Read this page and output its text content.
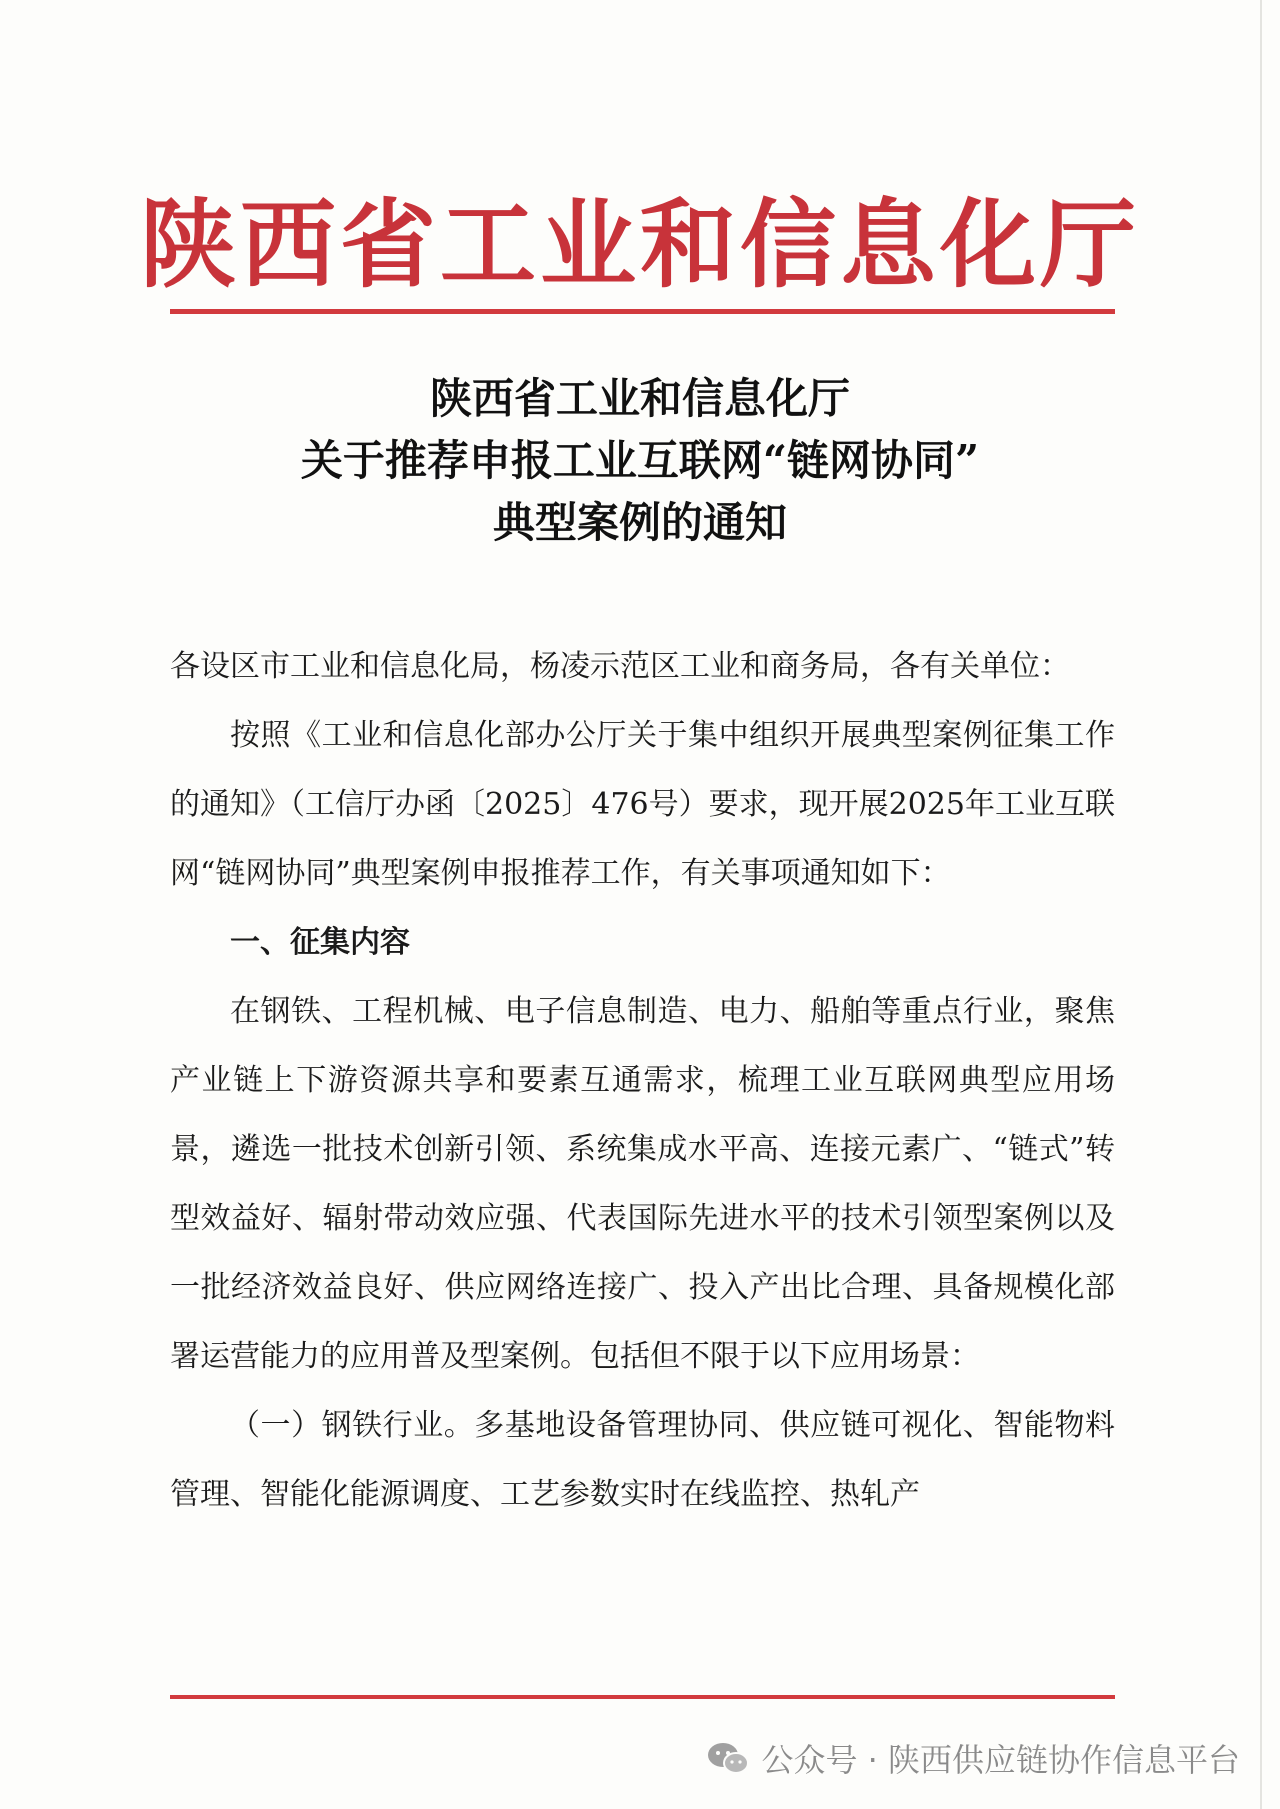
陕西省工业和信息化厅
陕西省工业和信息化厅
关于推荐申报工业互联网“链网协同”
典型案例的通知

各设区市工业和信息化局，杨凌示范区工业和商务局，各有关单位：

按照《工业和信息化部办公厅关于集中组织开展典型案例征集工作的通知》（工信厅办函〔2025〕476号）要求，现开展2025年工业互联网“链网协同”典型案例申报推荐工作，有关事项通知如下：

一、征集内容

在钢铁、工程机械、电子信息制造、电力、船舶等重点行业，聚焦产业链上下游资源共享和要素互通需求，梳理工业互联网典型应用场景，遴选一批技术创新引领、系统集成水平高、连接元素广、“链式”转型效益好、辐射带动效应强、代表国际先进水平的技术引领型案例以及一批经济效益良好、供应网络连接广、投入产出比合理、具备规模化部署运营能力的应用普及型案例。包括但不限于以下应用场景：

（一）钢铁行业。多基地设备管理协同、供应链可视化、智能物料管理、智能化能源调度、工艺参数实时在线监控、热轧产

公众号 · 陕西供应链协作信息平台
